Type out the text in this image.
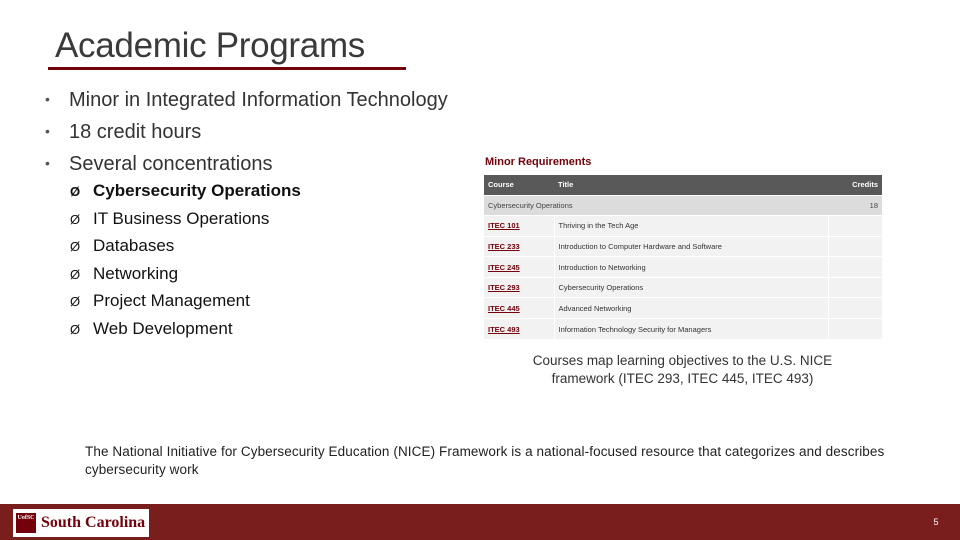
Academic Programs
• Minor in Integrated Information Technology
• 18 credit hours
• Several concentrations
Ø Cybersecurity Operations
Ø IT Business Operations
Ø Databases
Ø Networking
Ø Project Management
Ø Web Development
Minor Requirements
Course	Title	Credits
Cybersecurity Operations		18
ITEC 101	Thriving in the Tech Age	
ITEC 233	Introduction to Computer Hardware and Software	
ITEC 245	Introduction to Networking	
ITEC 293	Cybersecurity Operations	
ITEC 445	Advanced Networking	
ITEC 493	Information Technology Security for Managers	
Courses map learning objectives to the U.S. NICE framework (ITEC 293, ITEC 445, ITEC 493)
The National Initiative for Cybersecurity Education (NICE) Framework is a national-focused resource that categorizes and describes cybersecurity work
UofSC South Carolina	5
